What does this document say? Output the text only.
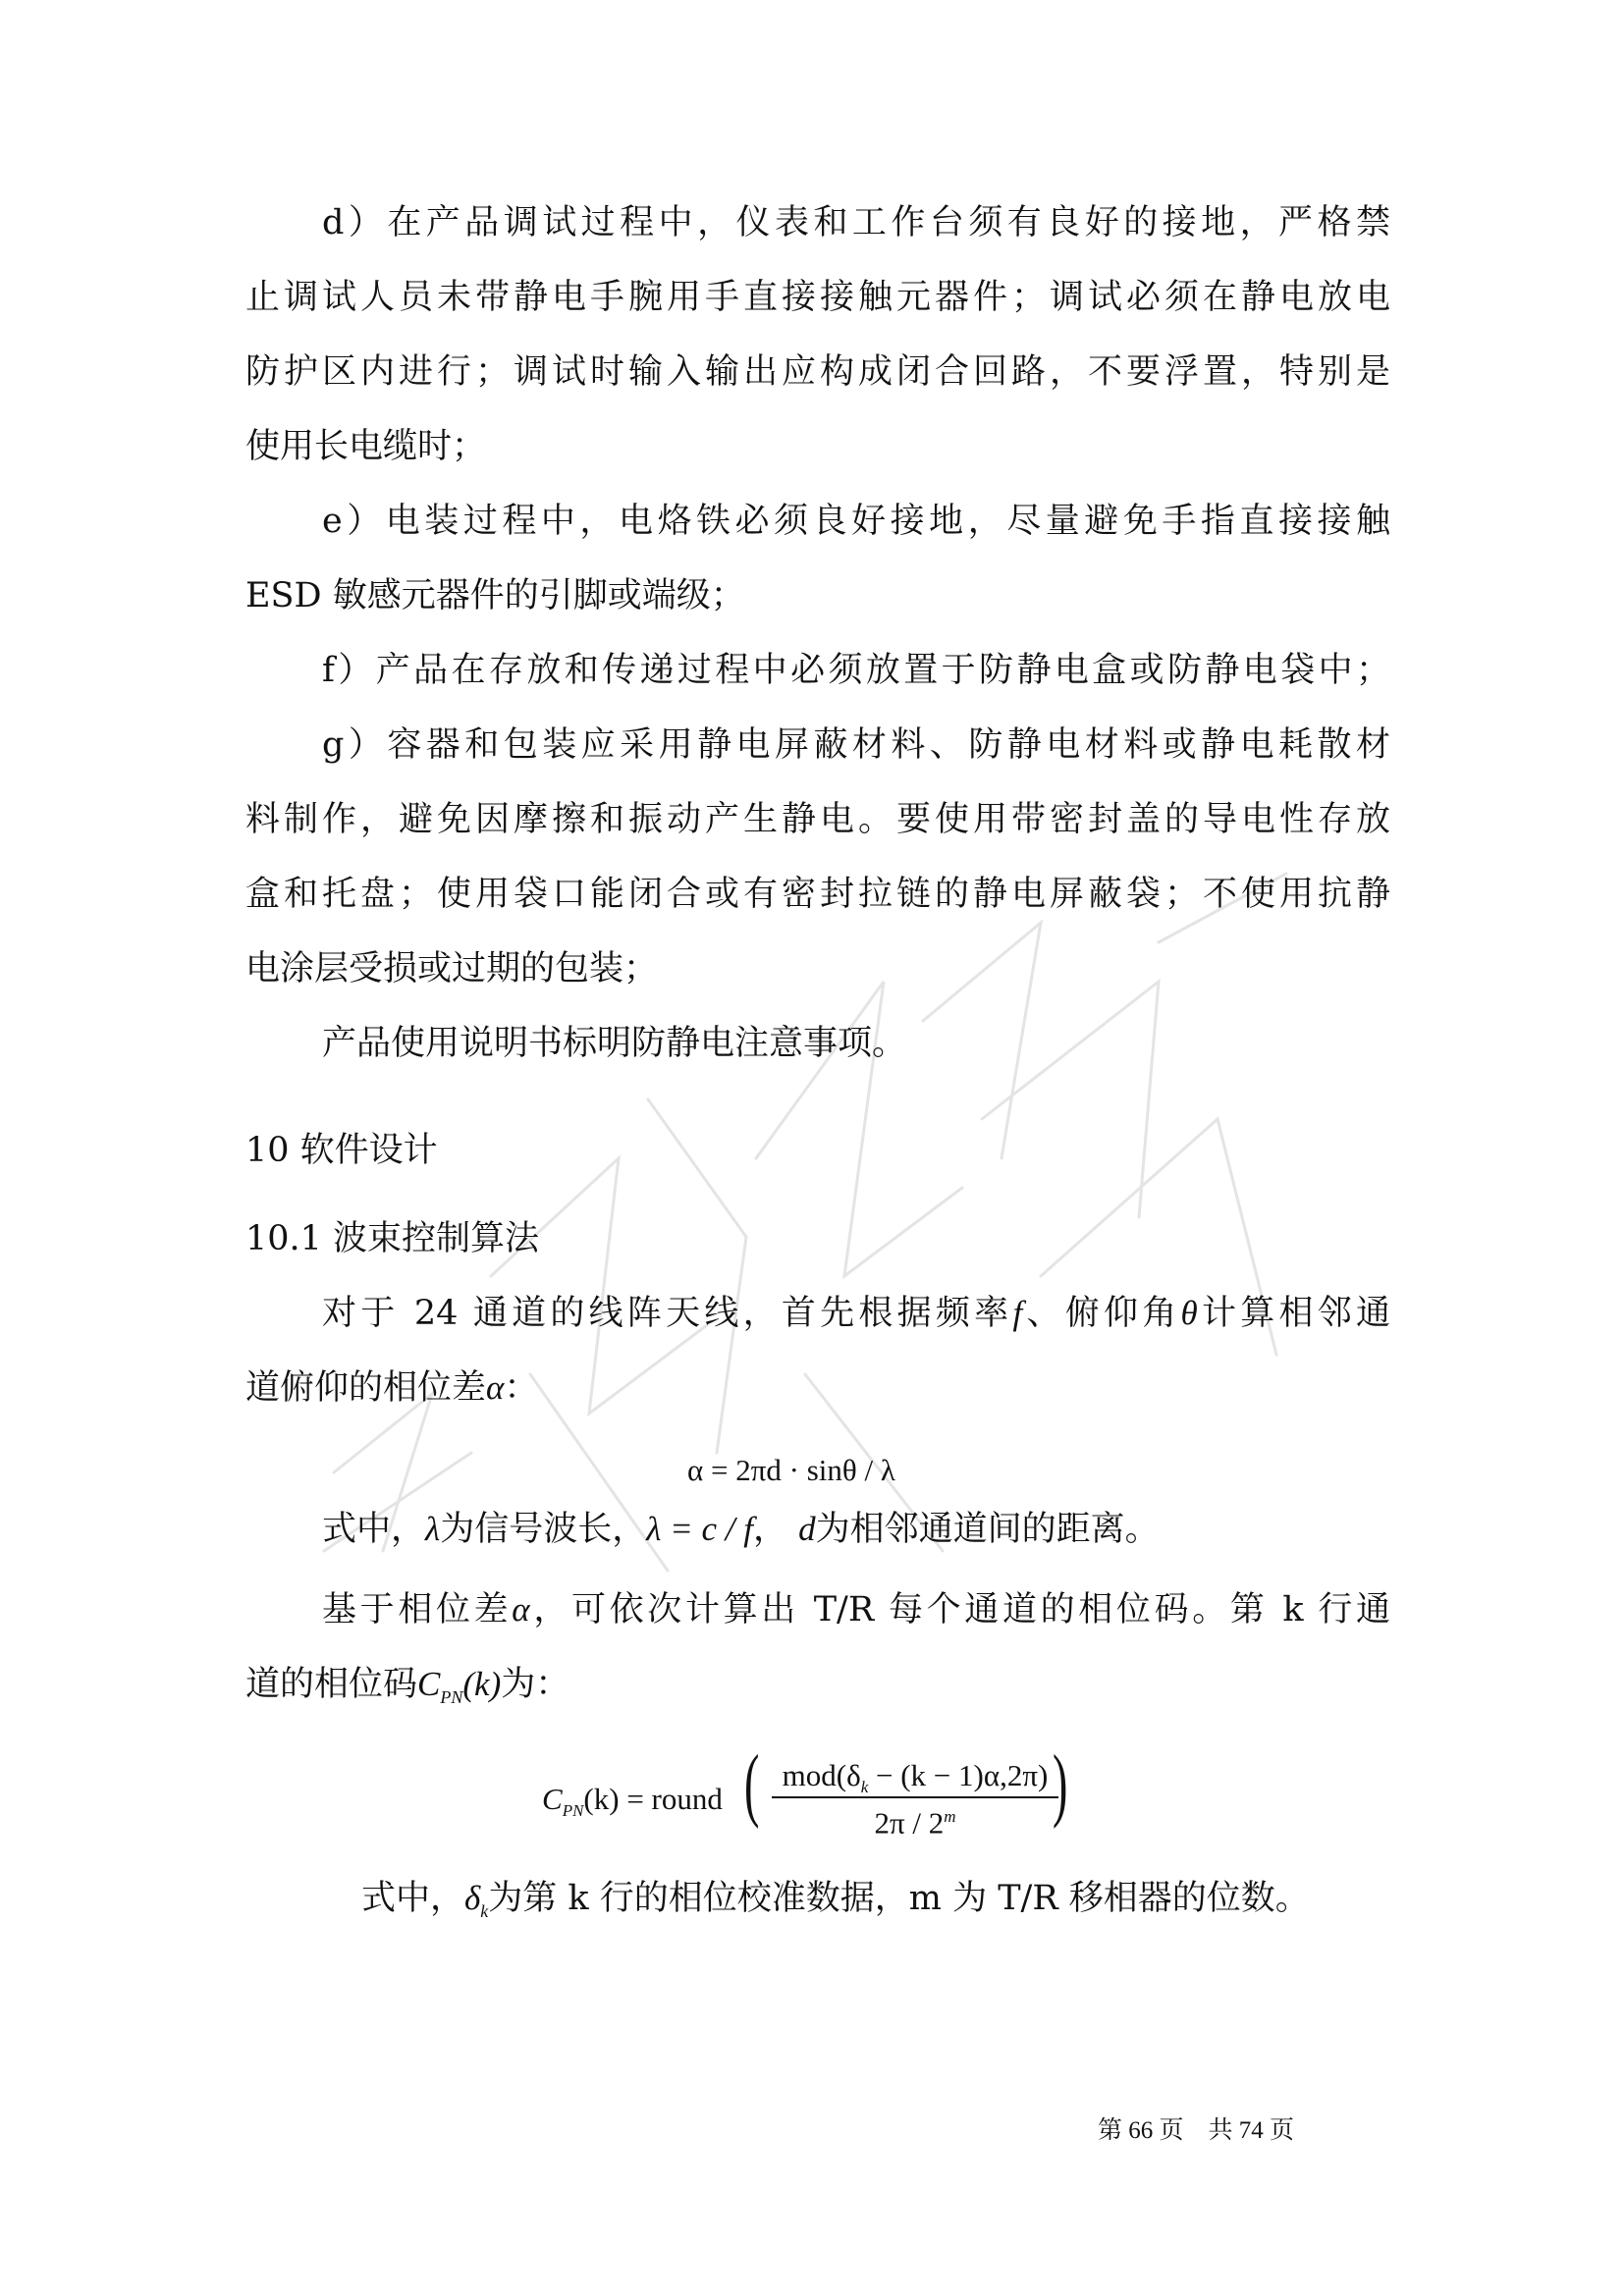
d）在产品调试过程中，仪表和工作台须有良好的接地，严格禁
止调试人员未带静电手腕用手直接接触元器件；调试必须在静电放电
防护区内进行；调试时输入输出应构成闭合回路，不要浮置，特别是
使用长电缆时；
e）电装过程中，电烙铁必须良好接地，尽量避免手指直接接触
ESD 敏感元器件的引脚或端级；
f）产品在存放和传递过程中必须放置于防静电盒或防静电袋中；
g）容器和包装应采用静电屏蔽材料、防静电材料或静电耗散材
料制作，避免因摩擦和振动产生静电。要使用带密封盖的导电性存放
盒和托盘；使用袋口能闭合或有密封拉链的静电屏蔽袋；不使用抗静
电涂层受损或过期的包装；
产品使用说明书标明防静电注意事项。
10 软件设计
10.1 波束控制算法
对于 24 通道的线阵天线，首先根据频率f、俯仰角θ计算相邻通
道俯仰的相位差α：
α = 2πd · sinθ / λ
式中，λ为信号波长，λ = c / f， d为相邻通道间的距离。
基于相位差α，可依次计算出 T/R 每个通道的相位码。第 k 行通
道的相位码$C_{PN}(k)$为：
$C_{PN}(k)$ = round ( $mod(\delta_k - (k - 1)\alpha,2\pi)$
2π / 2$^m$	)
式中，$\delta_k$为第 k 行的相位校准数据，m 为 T/R 移相器的位数。
第 66 页    共 74 页
